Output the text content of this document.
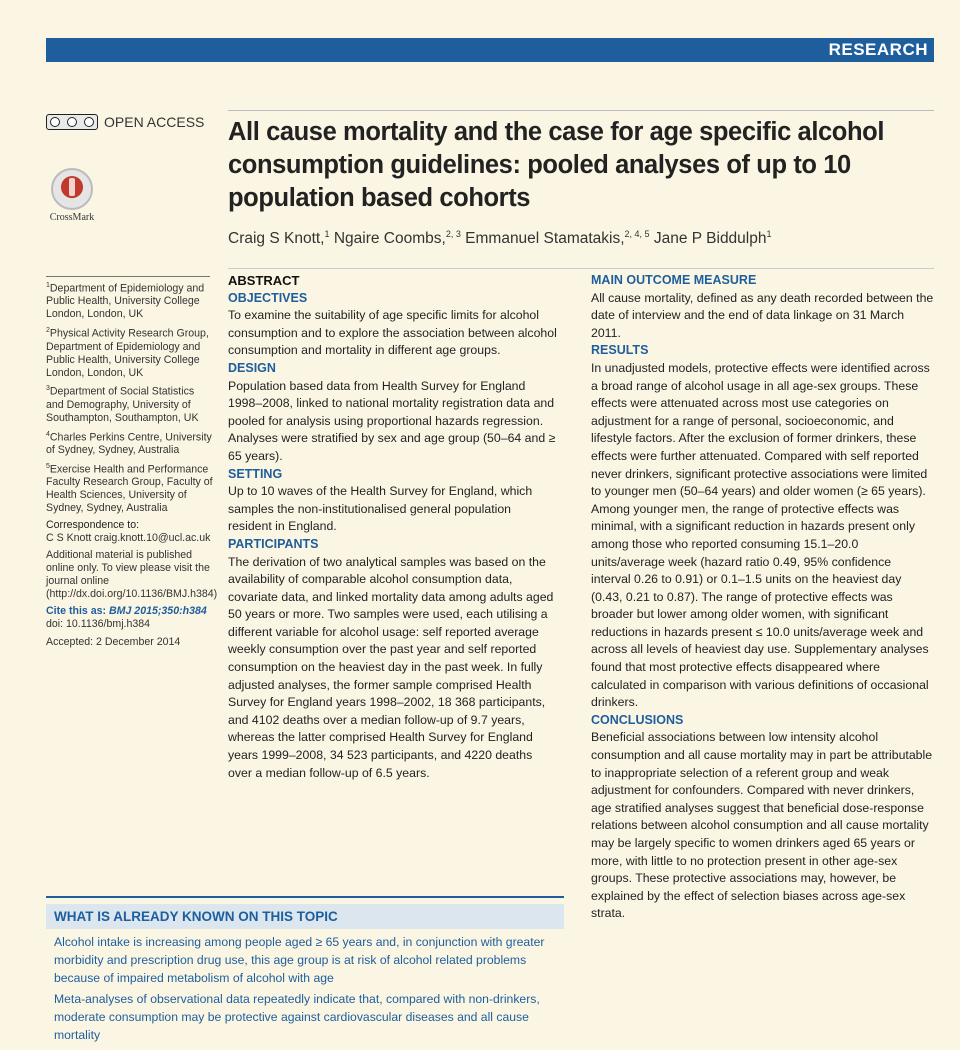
RESEARCH
OPEN ACCESS
CrossMark
All cause mortality and the case for age specific alcohol consumption guidelines: pooled analyses of up to 10 population based cohorts
Craig S Knott,$^1$ Ngaire Coombs,$^{2, 3}$ Emmanuel Stamatakis,$^{2, 4, 5}$ Jane P Biddulph$^1$

$^1$Department of Epidemiology and Public Health, University College London, London, UK

$^2$Physical Activity Research Group, Department of Epidemiology and Public Health, University College London, London, UK

$^3$Department of Social Statistics and Demography, University of Southampton, Southampton, UK

$^4$Charles Perkins Centre, University of Sydney, Sydney, Australia

$^5$Exercise Health and Performance Faculty Research Group, Faculty of Health Sciences, University of Sydney, Sydney, Australia

Correspondence to:

C S Knott craig.knott.10@ucl.ac.uk

Additional material is published online only. To view please visit the journal online (http://dx.doi.org/10.1136/BMJ.h384)

Cite this as: BMJ 2015;350:h384

doi: 10.1136/bmj.h384

Accepted: 2 December 2014

ABSTRACT

OBJECTIVES

To examine the suitability of age specific limits for alcohol consumption and to explore the association between alcohol consumption and mortality in different age groups.

DESIGN

Population based data from Health Survey for England 1998–2008, linked to national mortality registration data and pooled for analysis using proportional hazards regression. Analyses were stratified by sex and age group (50–64 and ≥ 65 years).

SETTING

Up to 10 waves of the Health Survey for England, which samples the non-institutionalised general population resident in England.

PARTICIPANTS

The derivation of two analytical samples was based on the availability of comparable alcohol consumption data, covariate data, and linked mortality data among adults aged 50 years or more. Two samples were used, each utilising a different variable for alcohol usage: self reported average weekly consumption over the past year and self reported consumption on the heaviest day in the past week. In fully adjusted analyses, the former sample comprised Health Survey for England years 1998–2002, 18 368 participants, and 4102 deaths over a median follow-up of 9.7 years, whereas the latter comprised Health Survey for England years 1999–2008, 34 523 participants, and 4220 deaths over a median follow-up of 6.5 years.

MAIN OUTCOME MEASURE

All cause mortality, defined as any death recorded between the date of interview and the end of data linkage on 31 March 2011.

RESULTS

In unadjusted models, protective effects were identified across a broad range of alcohol usage in all age-sex groups. These effects were attenuated across most use categories on adjustment for a range of personal, socioeconomic, and lifestyle factors. After the exclusion of former drinkers, these effects were further attenuated. Compared with self reported never drinkers, significant protective associations were limited to younger men (50–64 years) and older women (≥ 65 years). Among younger men, the range of protective effects was minimal, with a significant reduction in hazards present only among those who reported consuming 15.1–20.0 units/average week (hazard ratio 0.49, 95% confidence interval 0.26 to 0.91) or 0.1–1.5 units on the heaviest day (0.43, 0.21 to 0.87). The range of protective effects was broader but lower among older women, with significant reductions in hazards present ≤ 10.0 units/average week and across all levels of heaviest day use. Supplementary analyses found that most protective effects disappeared where calculated in comparison with various definitions of occasional drinkers.

CONCLUSIONS

Beneficial associations between low intensity alcohol consumption and all cause mortality may in part be attributable to inappropriate selection of a referent group and weak adjustment for confounders. Compared with never drinkers, age stratified analyses suggest that beneficial dose-response relations between alcohol consumption and all cause mortality may be largely specific to women drinkers aged 65 years or more, with little to no protection present in other age-sex groups. These protective associations may, however, be explained by the effect of selection biases across age-sex strata.

WHAT IS ALREADY KNOWN ON THIS TOPIC

Alcohol intake is increasing among people aged ≥ 65 years and, in conjunction with greater morbidity and prescription drug use, this age group is at risk of alcohol related problems because of impaired metabolism of alcohol with age

Meta-analyses of observational data repeatedly indicate that, compared with non-drinkers, moderate consumption may be protective against cardiovascular diseases and all cause mortality
